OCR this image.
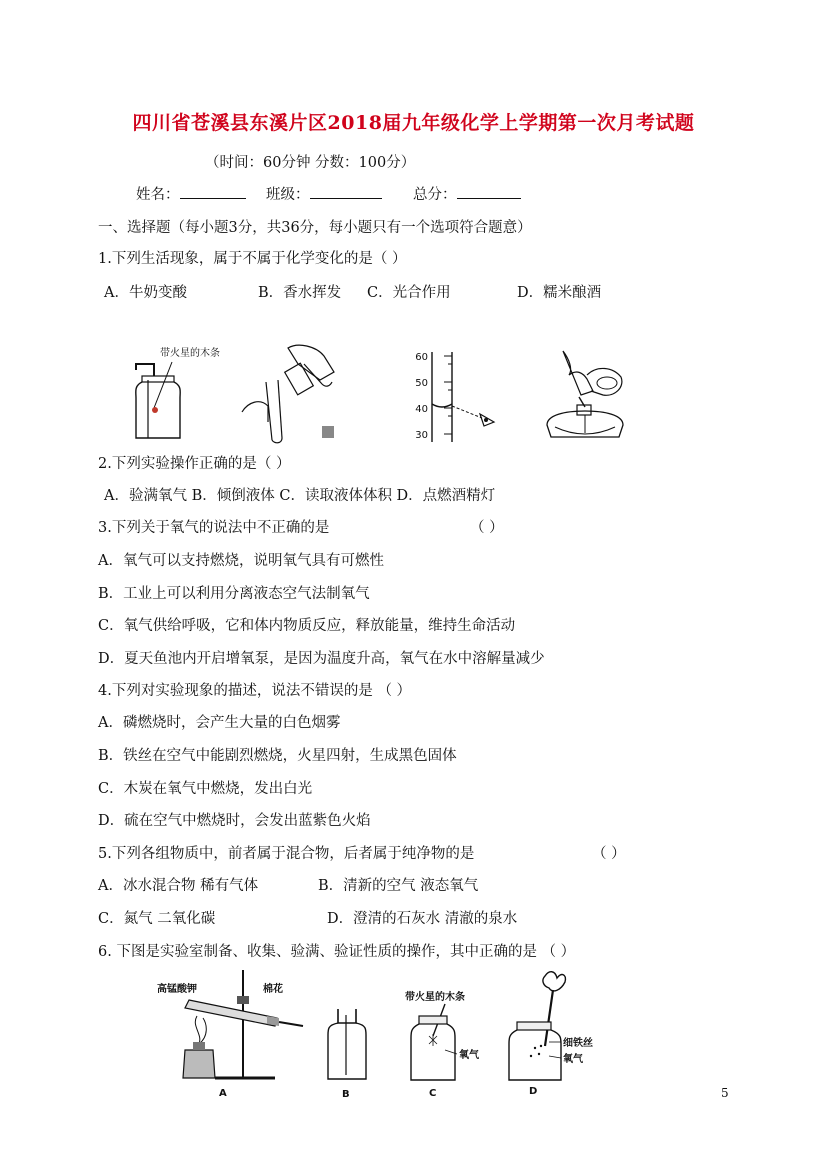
四川省苍溪县东溪片区2018届九年级化学上学期第一次月考试题
（时间：60分钟 分数：100分）
姓名：	班级：	总分：
一、选择题（每小题3分，共36分，每小题只有一个选项符合题意）
1.下列生活现象，属于不属于化学变化的是（ ）
A．牛奶变酸	B．香水挥发 C．光合作用	D．糯米酿酒
带火星的木条	60
50
40
30
2.下列实验操作正确的是（ ）
A．验满氧气 B．倾倒液体 C．读取液体体积 D．点燃酒精灯
3.下列关于氧气的说法中不正确的是	（ ）
A．氧气可以支持燃烧，说明氧气具有可燃性
B．工业上可以利用分离液态空气法制氧气
C．氧气供给呼吸，它和体内物质反应，释放能量，维持生命活动
D．夏天鱼池内开启增氧泵，是因为温度升高，氧气在水中溶解量减少
4.下列对实验现象的描述，说法不错误的是 （ ）
A．磷燃烧时，会产生大量的白色烟雾
B．铁丝在空气中能剧烈燃烧，火星四射，生成黑色固体
C．木炭在氧气中燃烧，发出白光
D．硫在空气中燃烧时，会发出蓝紫色火焰
5.下列各组物质中，前者属于混合物，后者属于纯净物的是	（ ）
A．冰水混合物 稀有气体	B．清新的空气 液态氧气
C．氮气 二氧化碳	D．澄清的石灰水 清澈的泉水
6. 下图是实验室制备、收集、验满、验证性质的操作，其中正确的是 （ ）
高锰酸钾	棉花
A	B
带火星的木条
氧气
C
细铁丝
氧气
D	5
